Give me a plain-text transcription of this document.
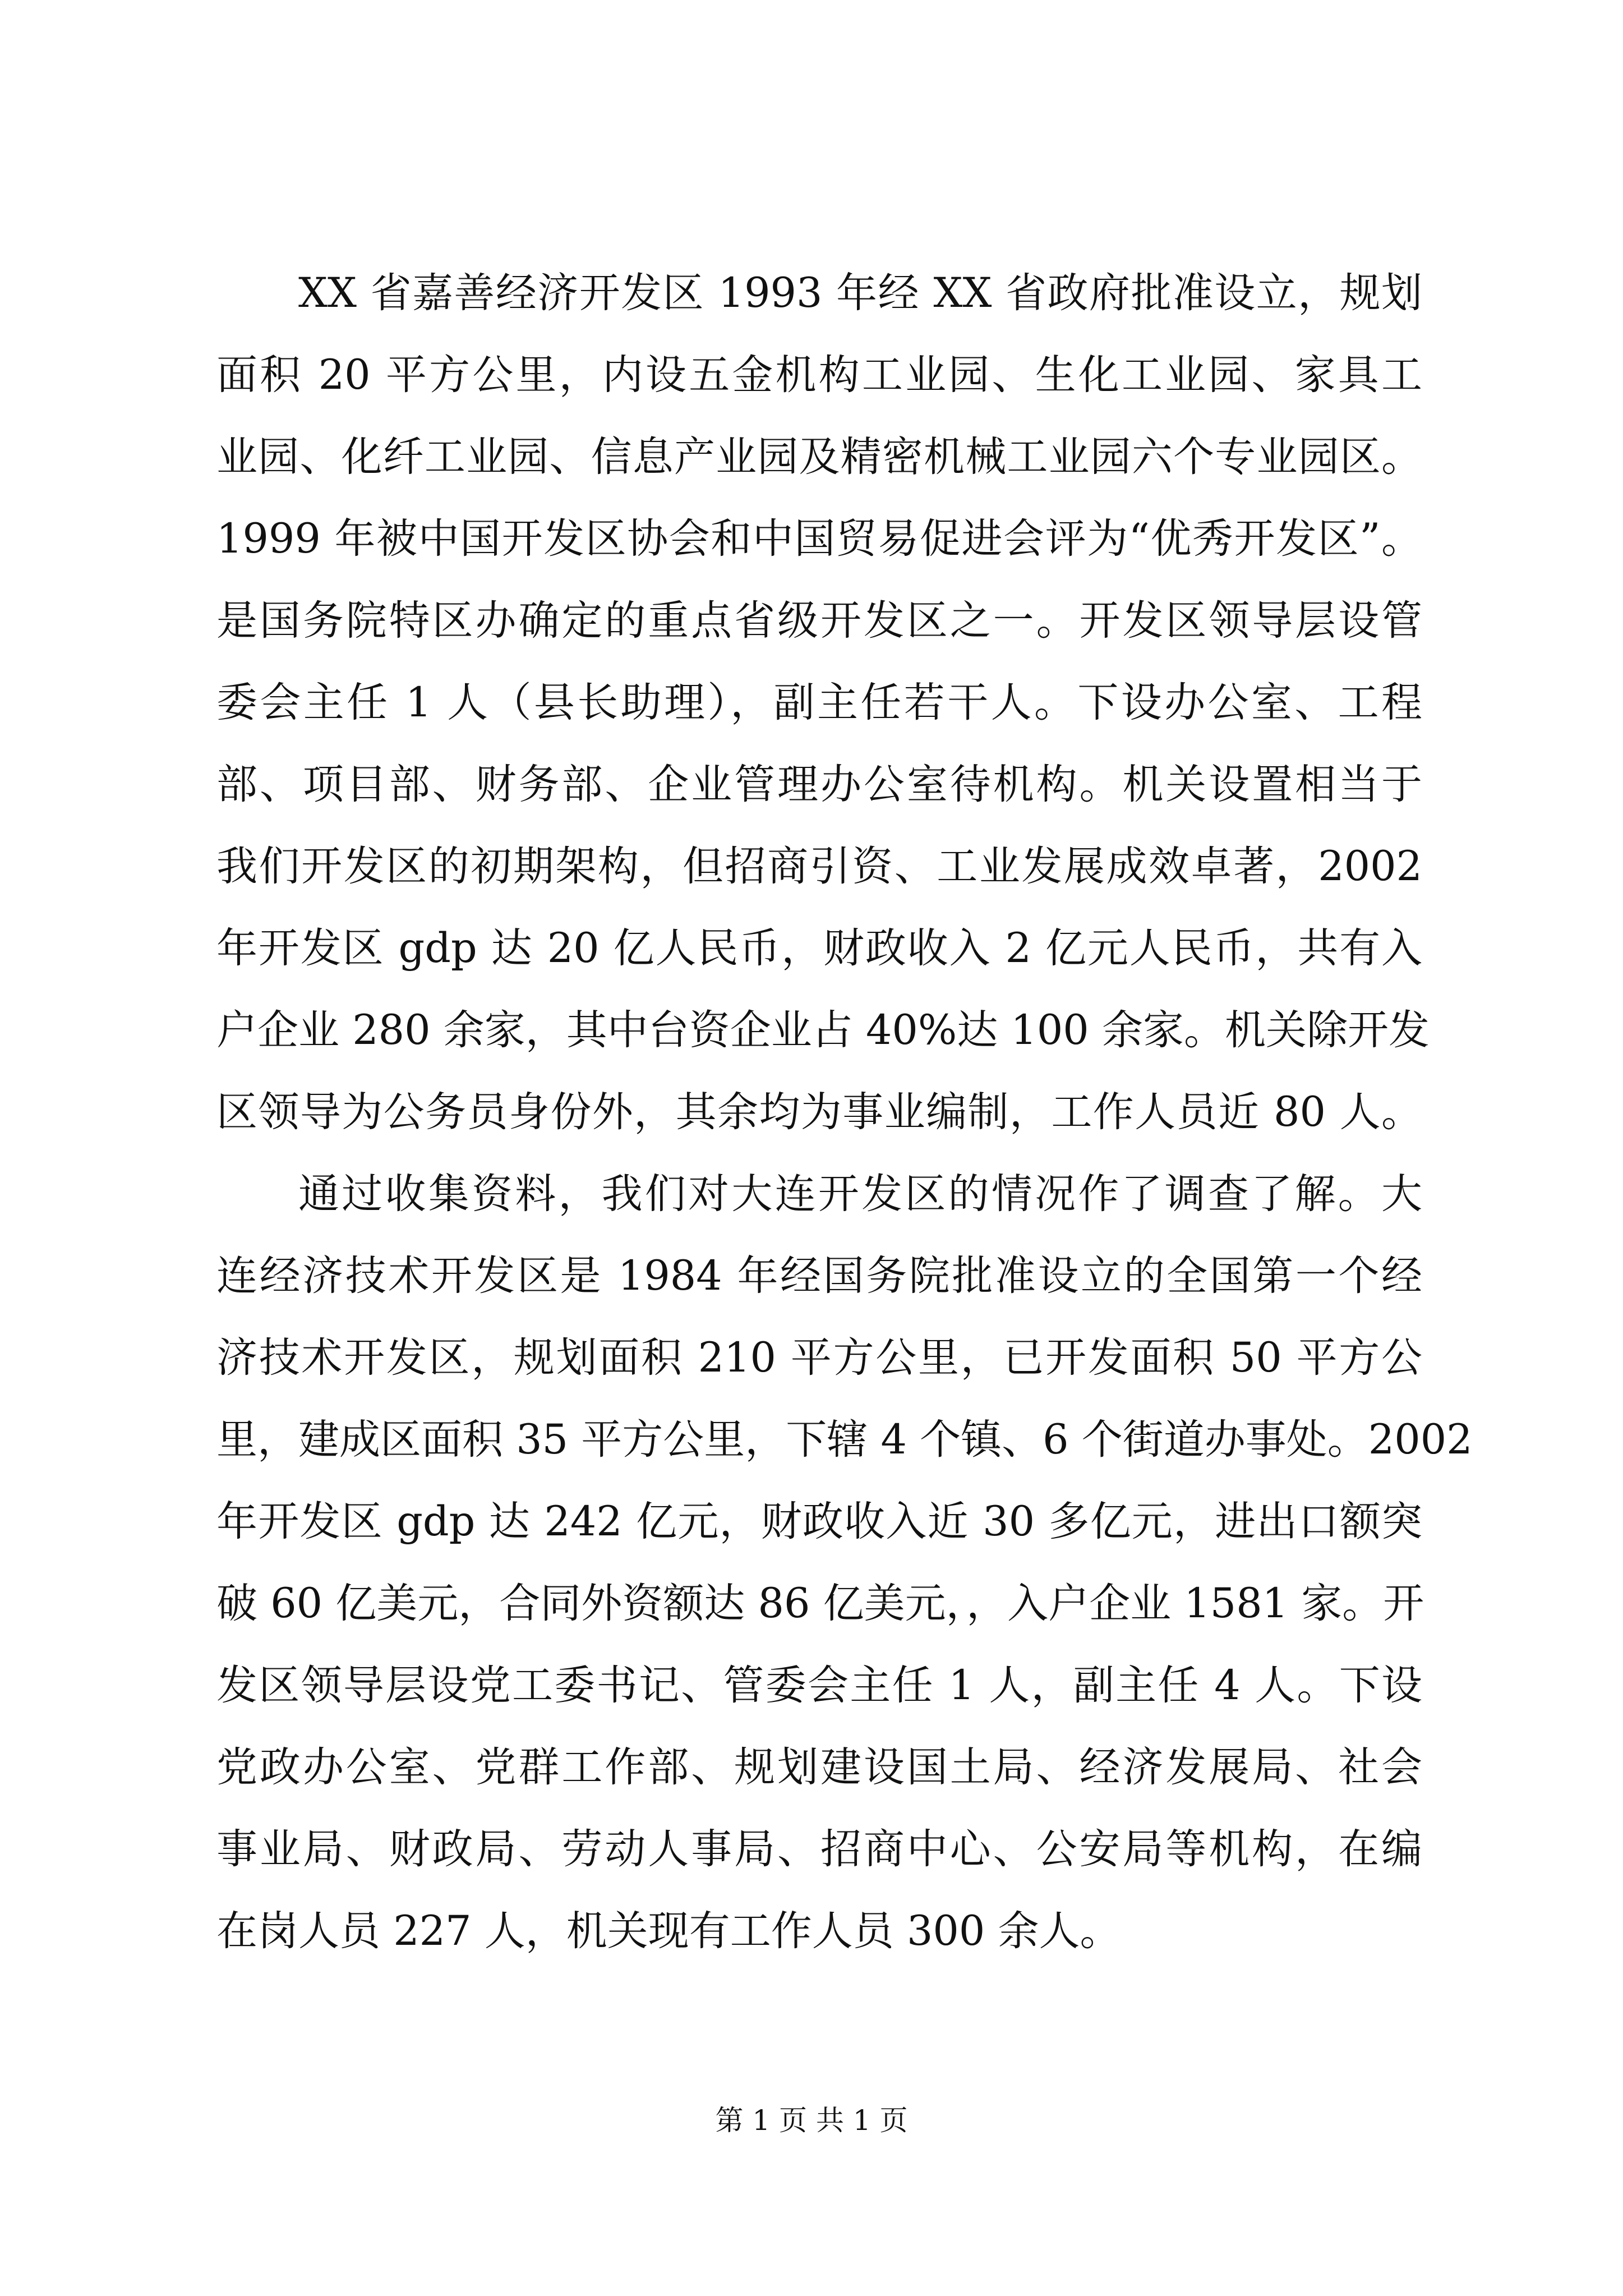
XX 省嘉善经济开发区 1993 年经 XX 省政府批准设立，规划
面积 20 平方公里，内设五金机构工业园、生化工业园、家具工
业园、化纤工业园、信息产业园及精密机械工业园六个专业园区。
1999 年被中国开发区协会和中国贸易促进会评为“优秀开发区”。
是国务院特区办确定的重点省级开发区之一。开发区领导层设管
委会主任 1 人（县长助理），副主任若干人。下设办公室、工程
部、项目部、财务部、企业管理办公室待机构。机关设置相当于
我们开发区的初期架构，但招商引资、工业发展成效卓著，2002
年开发区 gdp 达 20 亿人民币，财政收入 2 亿元人民币，共有入
户企业 280 余家，其中台资企业占 40%达 100 余家。机关除开发
区领导为公务员身份外，其余均为事业编制，工作人员近 80 人。
通过收集资料，我们对大连开发区的情况作了调查了解。大
连经济技术开发区是 1984 年经国务院批准设立的全国第一个经
济技术开发区，规划面积 210 平方公里，已开发面积 50 平方公
里，建成区面积 35 平方公里，下辖 4 个镇、6 个街道办事处。2002
年开发区 gdp 达 242 亿元，财政收入近 30 多亿元，进出口额突
破 60 亿美元，合同外资额达 86 亿美元，，入户企业 1581 家。开
发区领导层设党工委书记、管委会主任 1 人，副主任 4 人。下设
党政办公室、党群工作部、规划建设国土局、经济发展局、社会
事业局、财政局、劳动人事局、招商中心、公安局等机构，在编
在岗人员 227 人，机关现有工作人员 300 余人。
第 1 页 共 1 页
